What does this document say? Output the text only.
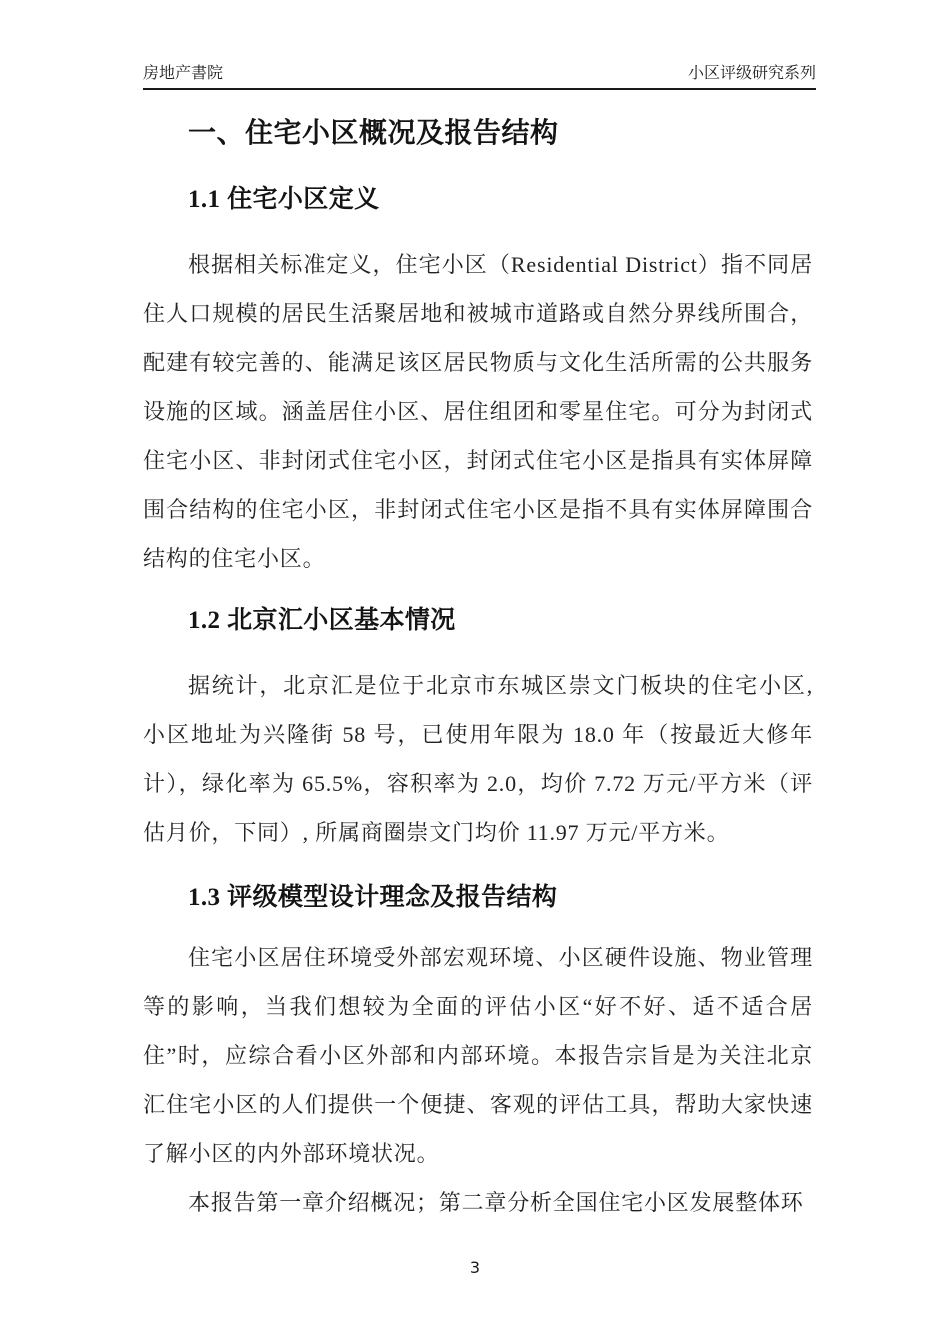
房地产書院	小区评级研究系列
一、住宅小区概况及报告结构
1.1 住宅小区定义

根据相关标准定义，住宅小区（Residential District）指不同居住人口规模的居民生活聚居地和被城市道路或自然分界线所围合，配建有较完善的、能满足该区居民物质与文化生活所需的公共服务设施的区域。涵盖居住小区、居住组团和零星住宅。可分为封闭式住宅小区、非封闭式住宅小区，封闭式住宅小区是指具有实体屏障围合结构的住宅小区，非封闭式住宅小区是指不具有实体屏障围合结构的住宅小区。

1.2 北京汇小区基本情况

据统计，北京汇是位于北京市东城区崇文门板块的住宅小区, 小区地址为兴隆街 58 号，已使用年限为 18.0 年（按最近大修年计），绿化率为 65.5%，容积率为 2.0，均价 7.72 万元/平方米（评估月价，下同）, 所属商圈崇文门均价 11.97 万元/平方米。

1.3 评级模型设计理念及报告结构

住宅小区居住环境受外部宏观环境、小区硬件设施、物业管理等的影响，当我们想较为全面的评估小区“好不好、适不适合居住”时，应综合看小区外部和内部环境。本报告宗旨是为关注北京汇住宅小区的人们提供一个便捷、客观的评估工具，帮助大家快速了解小区的内外部环境状况。

本报告第一章介绍概况；第二章分析全国住宅小区发展整体环

3
